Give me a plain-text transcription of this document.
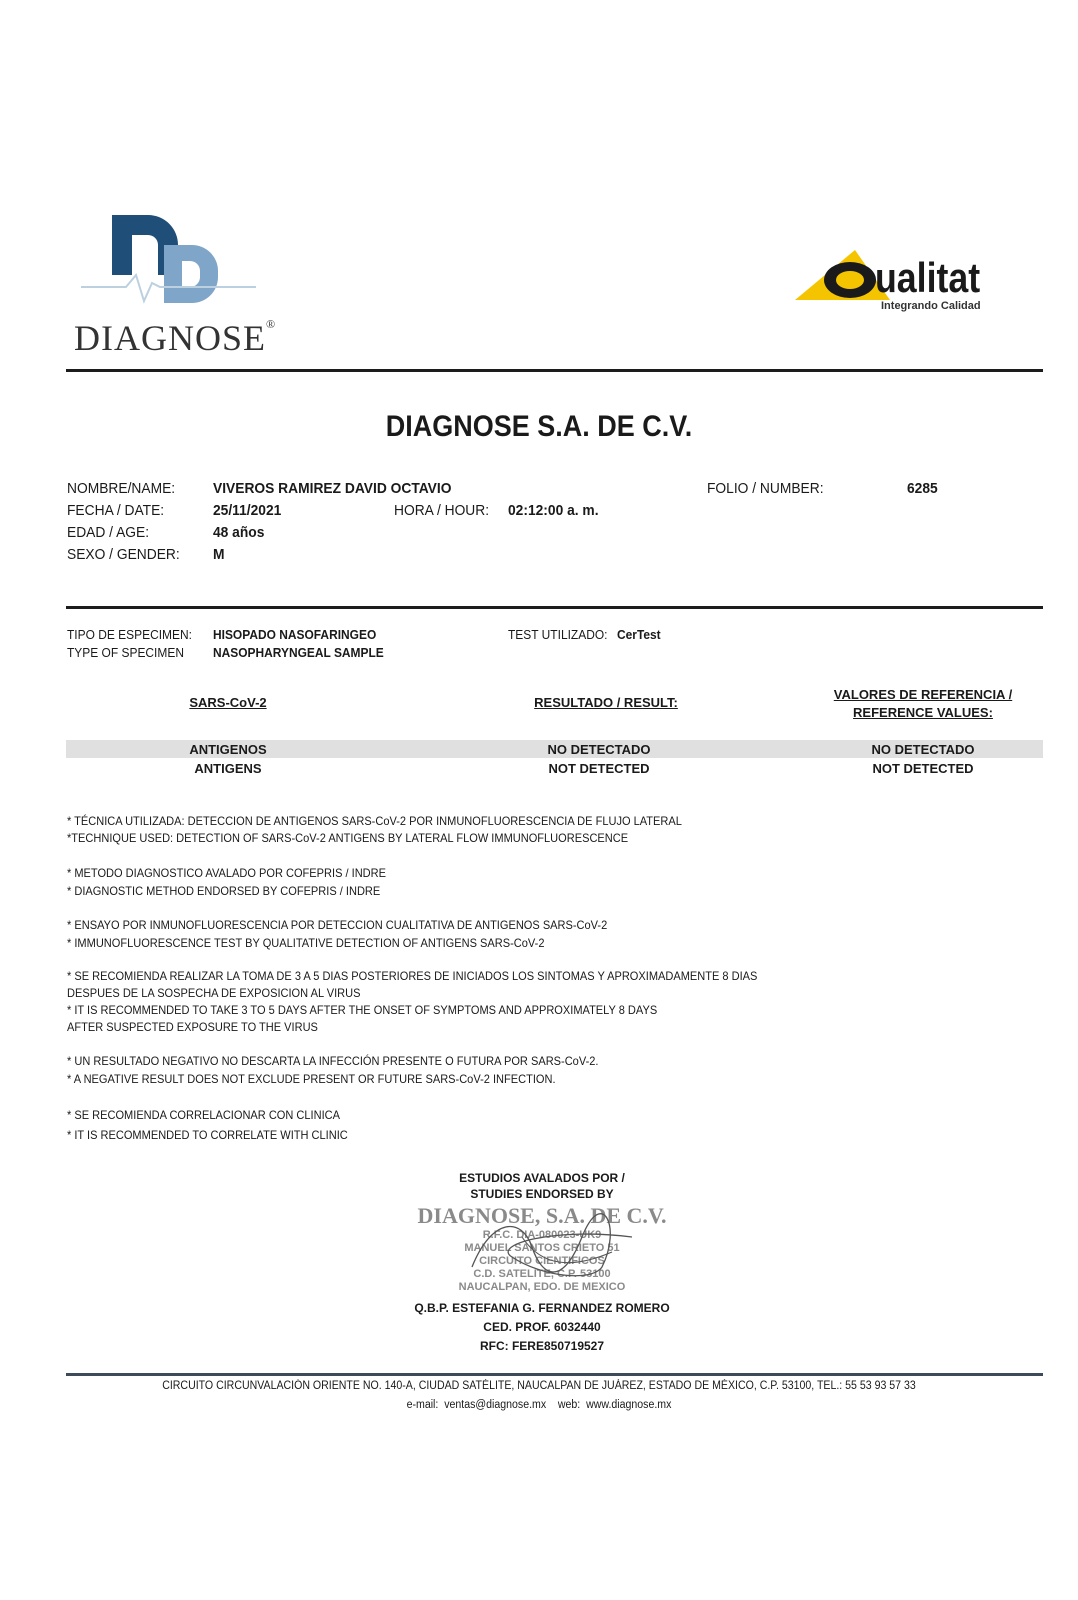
DIAGNOSE®
ualitat
Integrando Calidad
DIAGNOSE S.A. DE C.V.
NOMBRE/NAME:	VIVEROS RAMIREZ DAVID OCTAVIO	FOLIO / NUMBER:	6285
FECHA / DATE:	25/11/2021	HORA / HOUR: 02:12:00 a. m.
EDAD / AGE:	48 años
SEXO / GENDER: M
TIPO DE ESPECIMEN: HISOPADO NASOFARINGEO	TEST UTILIZADO: CerTest
TYPE OF SPECIMEN NASOPHARYNGEAL SAMPLE
SARS-CoV-2	RESULTADO / RESULT:
VALORES DE REFERENCIA /
REFERENCE VALUES:
ANTIGENOS	NO DETECTADO	NO DETECTADO
ANTIGENS	NOT DETECTED	NOT DETECTED
* TÉCNICA UTILIZADA: DETECCION DE ANTIGENOS SARS-CoV-2 POR INMUNOFLUORESCENCIA DE FLUJO LATERAL
*TECHNIQUE USED: DETECTION OF SARS-CoV-2 ANTIGENS BY LATERAL FLOW IMMUNOFLUORESCENCE
* METODO DIAGNOSTICO AVALADO POR COFEPRIS / INDRE
* DIAGNOSTIC METHOD ENDORSED BY COFEPRIS / INDRE
* ENSAYO POR INMUNOFLUORESCENCIA POR DETECCION CUALITATIVA DE ANTIGENOS SARS-CoV-2
* IMMUNOFLUORESCENCE TEST BY QUALITATIVE DETECTION OF ANTIGENS SARS-CoV-2
* SE RECOMIENDA REALIZAR LA TOMA DE 3 A 5 DIAS POSTERIORES DE INICIADOS LOS SINTOMAS Y APROXIMADAMENTE 8 DIAS
DESPUES DE LA SOSPECHA DE EXPOSICION AL VIRUS
* IT IS RECOMMENDED TO TAKE 3 TO 5 DAYS AFTER THE ONSET OF SYMPTOMS AND APPROXIMATELY 8 DAYS
AFTER SUSPECTED EXPOSURE TO THE VIRUS
* UN RESULTADO NEGATIVO NO DESCARTA LA INFECCIÓN PRESENTE O FUTURA POR SARS-CoV-2.
* A NEGATIVE RESULT DOES NOT EXCLUDE PRESENT OR FUTURE SARS-CoV-2 INFECTION.
* SE RECOMIENDA CORRELACIONAR CON CLINICA
* IT IS RECOMMENDED TO CORRELATE WITH CLINIC
ESTUDIOS AVALADOS POR /
STUDIES ENDORSED BY
DIAGNOSE, S.A. DE C.V.
R.F.C. DIA-080023-UK9
MANUEL SANTOS CRIETO 51
CIRCUITO CIENTIFICOS
C.D. SATELITE, C.P. 53100
NAUCALPAN, EDO. DE MEXICO
Q.B.P. ESTEFANIA G. FERNANDEZ ROMERO
CED. PROF. 6032440
RFC: FERE850719527
CIRCUITO CIRCUNVALACIÓN ORIENTE NO. 140-A, CIUDAD SATÉLITE, NAUCALPAN DE JUÁREZ, ESTADO DE MÉXICO, C.P. 53100, TEL.: 55 53 93 57 33
e-mail:  ventas@diagnose.mx    web:  www.diagnose.mx
